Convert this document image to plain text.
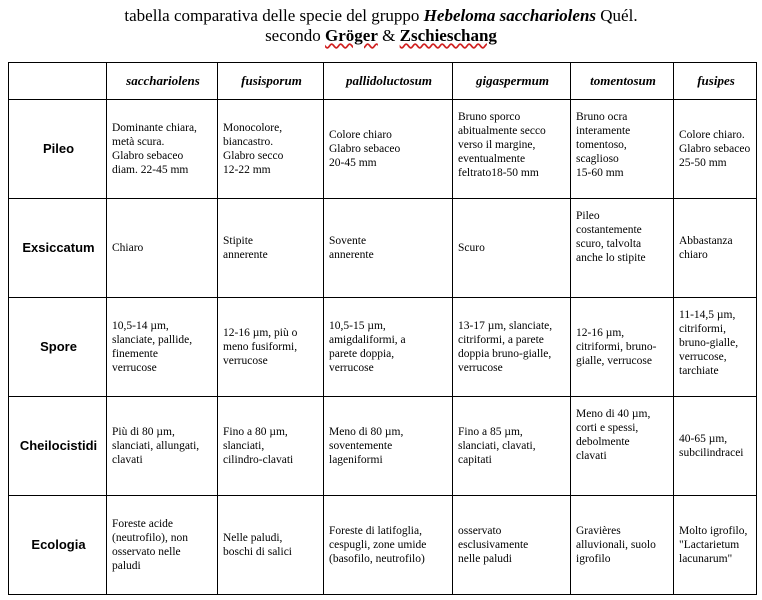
tabella comparativa delle specie del gruppo Hebeloma sacchariolens Quél.
secondo Gröger & Zschieschang
	sacchariolens	fusisporum	pallidoluctosum	gigaspermum	tomentosum	fusipes
Pileo	Dominante chiara,
metà scura.
Glabro sebaceo
diam. 22-45 mm	Monocolore,
biancastro.
Glabro secco
12-22 mm	Colore chiaro
Glabro sebaceo
20-45 mm	Bruno sporco
abitualmente secco
verso il margine,
eventualmente
feltrato18-50 mm	Bruno ocra
interamente
tomentoso,
scaglioso
15-60 mm	Colore chiaro.
Glabro sebaceo
25-50 mm

Exsiccatum	Chiaro	Stipite
annerente	Sovente
annerente	Scuro	Pileo
costantemente
scuro, talvolta
anche lo stipite	Abbastanza
chiaro

Spore	10,5-14 µm,
slanciate, pallide,
finemente
verrucose	12-16 µm, più o
meno fusiformi,
verrucose	10,5-15 µm,
amigdaliformi, a
parete doppia,
verrucose	13-17 µm, slanciate,
citriformi, a parete
doppia bruno-gialle,
verrucose	12-16 µm,
citriformi, bruno-
gialle, verrucose	11-14,5 µm,
citriformi,
bruno-gialle,
verrucose,
tarchiate

Cheilocistidi	Più di 80 µm,
slanciati, allungati,
clavati	Fino a 80 µm,
slanciati,
cilindro-clavati	Meno di 80 µm,
soventemente
lageniformi	Fino a 85 µm,
slanciati, clavati,
capitati	Meno di 40 µm,
corti e spessi,
debolmente
clavati	40-65 µm,
subcilindracei

Ecologia	Foreste acide
(neutrofilo), non
osservato nelle
paludi	Nelle paludi,
boschi di salici	Foreste di latifoglia,
cespugli, zone umide
(basofilo, neutrofilo)	osservato
esclusivamente
nelle paludi	Gravières
alluvionali, suolo
igrofilo	Molto igrofilo,
"Lactarietum
lacunarum"
